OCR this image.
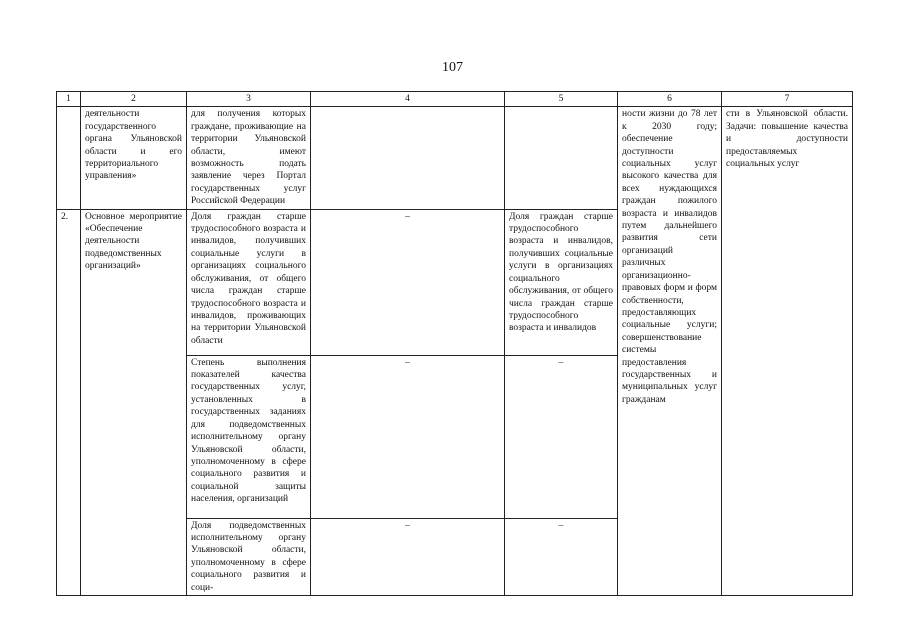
107
1	2	3	4	5	6	7
	деятельности государственного органа Ульяновской области и его территориального управления»	для получения которых граждане, проживающие на территории Ульяновской области, имеют возможность подать заявление через Портал государственных услуг Российской Федерации			ности жизни до 78 лет к 2030 году; обеспечение доступности социальных услуг высокого качества для всех нуждающихся граждан пожилого возраста и инвалидов путем дальнейшего развития сети организаций различных организационно-правовых форм и форм собственности, предоставляющих социальные услуги; совершенствование системы предоставления государственных и муниципальных услуг гражданам	сти в Ульяновской области. Задачи: повышение качества и доступности предоставляемых социальных услуг
2.	Основное мероприятие «Обеспечение деятельности подведомственных организаций»	Доля граждан старше трудоспособного возраста и инвалидов, получивших социальные услуги в организациях социального обслуживания, от общего числа граждан старше трудоспособного возраста и инвалидов, проживающих на территории Ульяновской области	–	Доля граждан старше трудоспособного возраста и инвалидов, получивших социальные услуги в организациях социального обслуживания, от общего числа граждан старше трудоспособного возраста и инвалидов		
		Степень выполнения показателей качества государственных услуг, установленных в государственных заданиях для подведомственных исполнительному органу Ульяновской области, уполномоченному в сфере социального развития и социальной защиты населения, организаций	–	–		
		Доля подведомственных исполнительному органу Ульяновской области, уполномоченному в сфере социального развития и соци-	–	–		
